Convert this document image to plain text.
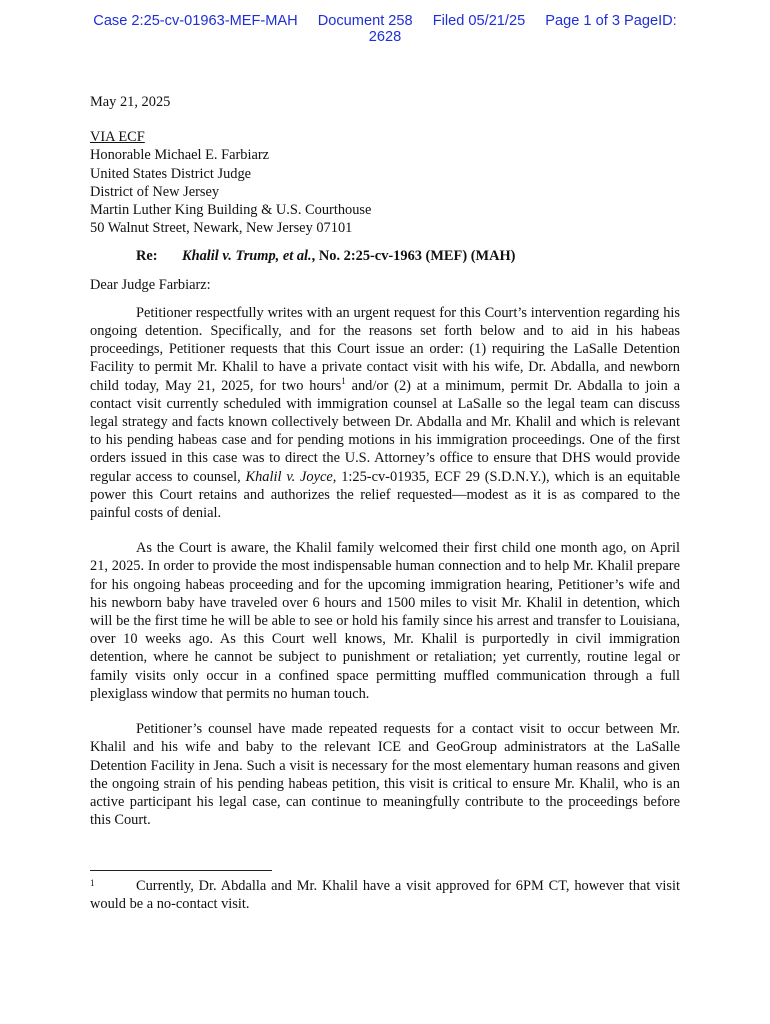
Case 2:25-cv-01963-MEF-MAH Document 258 Filed 05/21/25 Page 1 of 3 PageID:
2628
May 21, 2025
VIA ECF
Honorable Michael E. Farbiarz
United States District Judge
District of New Jersey
Martin Luther King Building & U.S. Courthouse
50 Walnut Street, Newark, New Jersey 07101
Re: Khalil v. Trump, et al., No. 2:25-cv-1963 (MEF) (MAH)
Dear Judge Farbiarz:

Petitioner respectfully writes with an urgent request for this Court’s intervention regarding his ongoing detention. Specifically, and for the reasons set forth below and to aid in his habeas proceedings, Petitioner requests that this Court issue an order: (1) requiring the LaSalle Detention Facility to permit Mr. Khalil to have a private contact visit with his wife, Dr. Abdalla, and newborn child today, May 21, 2025, for two hours$^1$ and/or (2) at a minimum, permit Dr. Abdalla to join a contact visit currently scheduled with immigration counsel at LaSalle so the legal team can discuss legal strategy and facts known collectively between Dr. Abdalla and Mr. Khalil and which is relevant to his pending habeas case and for pending motions in his immigration proceedings. One of the first orders issued in this case was to direct the U.S. Attorney’s office to ensure that DHS would provide regular access to counsel, Khalil v. Joyce, 1:25-cv-01935, ECF 29 (S.D.N.Y.), which is an equitable power this Court retains and authorizes the relief requested—modest as it is as compared to the painful costs of denial.

As the Court is aware, the Khalil family welcomed their first child one month ago, on April 21, 2025. In order to provide the most indispensable human connection and to help Mr. Khalil prepare for his ongoing habeas proceeding and for the upcoming immigration hearing, Petitioner’s wife and his newborn baby have traveled over 6 hours and 1500 miles to visit Mr. Khalil in detention, which will be the first time he will be able to see or hold his family since his arrest and transfer to Louisiana, over 10 weeks ago. As this Court well knows, Mr. Khalil is purportedly in civil immigration detention, where he cannot be subject to punishment or retaliation; yet currently, routine legal or family visits only occur in a confined space permitting muffled communication through a full plexiglass window that permits no human touch.

Petitioner’s counsel have made repeated requests for a contact visit to occur between Mr. Khalil and his wife and baby to the relevant ICE and GeoGroup administrators at the LaSalle Detention Facility in Jena. Such a visit is necessary for the most elementary human reasons and given the ongoing strain of his pending habeas petition, this visit is critical to ensure Mr. Khalil, who is an active participant his legal case, can continue to meaningfully contribute to the proceedings before this Court.

1	Currently, Dr. Abdalla and Mr. Khalil have a visit approved for 6PM CT, however that visit would be a no-contact visit.
